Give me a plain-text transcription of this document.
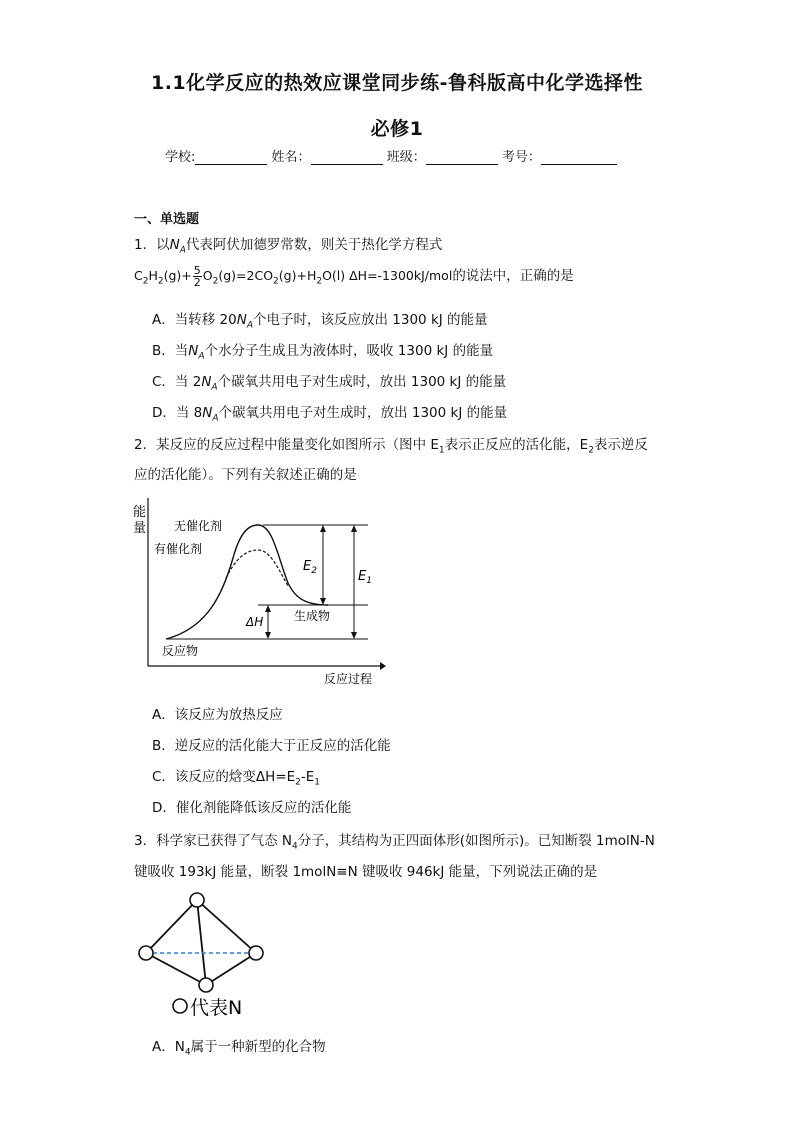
1.1化学反应的热效应课堂同步练-鲁科版高中化学选择性
必修1
学校:	姓名：	班级：	考号：
一、单选题
1．以$N_A$代表阿伏加德罗常数，则关于热化学方程式
$C_2H_2(g)+ \frac{5}{2} O_2(g)=2CO_2(g)+H_2O(l)$ ΔH=-1300kJ/mol的说法中，正确的是
A．当转移 $20N_A$个电子时，该反应放出 1300 kJ 的能量
B．当$N_A$个水分子生成且为液体时，吸收 1300 kJ 的能量
C．当 $2N_A$个碳氧共用电子对生成时，放出 1300 kJ 的能量
D．当 $8N_A$个碳氧共用电子对生成时，放出 1300 kJ 的能量
2．某反应的反应过程中能量变化如图所示（图中 $E_1$表示正反应的活化能，$E_2$表示逆反
应的活化能）。下列有关叙述正确的是
能
量
反应过程
$E_2$	$E_1$
ΔH
无催化剂
有催化剂
生成物
反应物
A．该反应为放热反应
B．逆反应的活化能大于正反应的活化能
C．该反应的焓变$\Delta H=E_2-E_1$
D．催化剂能降低该反应的活化能
3．科学家已获得了气态 $N_4$分子，其结构为正四面体形(如图所示)。已知断裂 1molN-N
键吸收 193kJ 能量，断裂 1molN≡N 键吸收 946kJ 能量，下列说法正确的是
代表N
A．$N_4$属于一种新型的化合物
